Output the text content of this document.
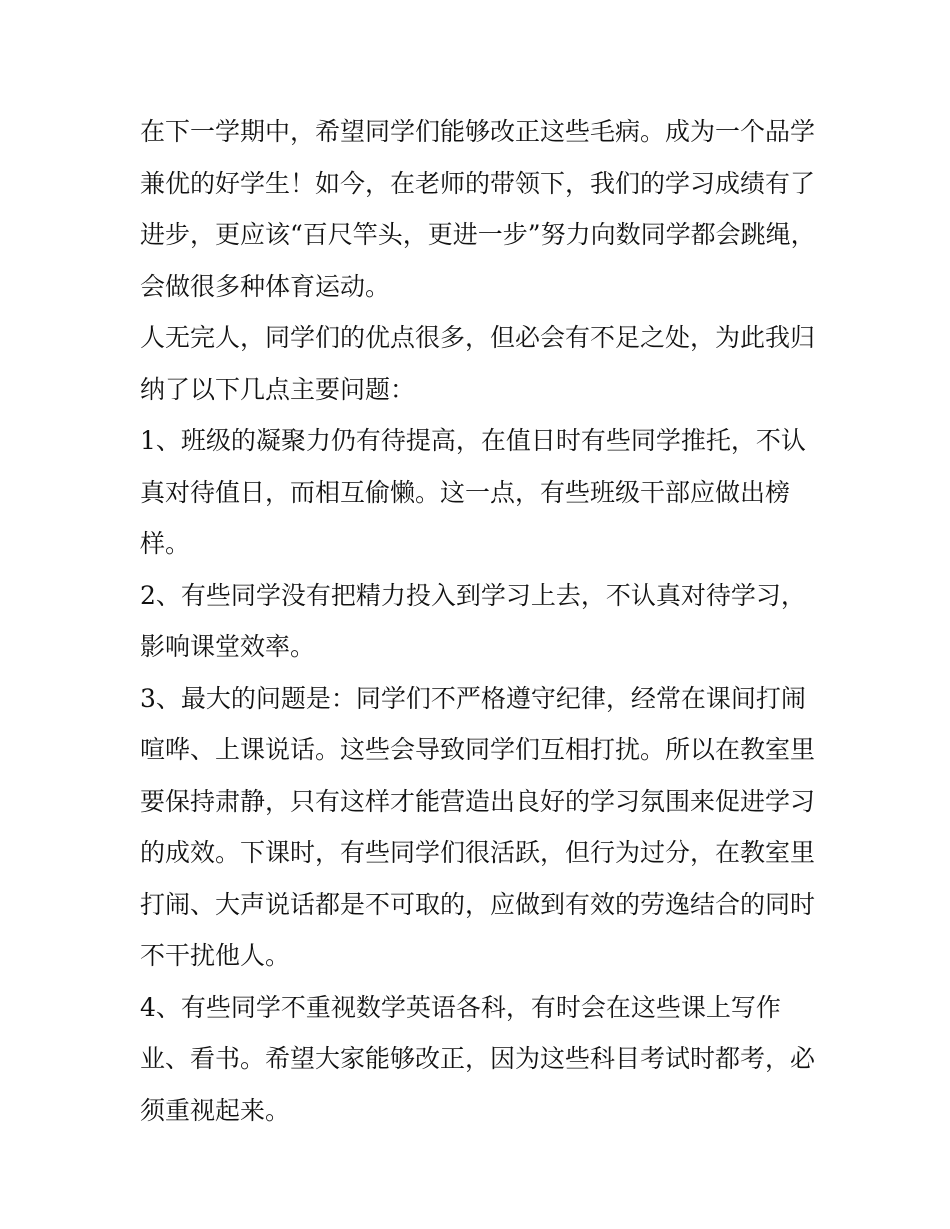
在下一学期中，希望同学们能够改正这些毛病。成为一个品学
兼优的好学生！如今，在老师的带领下，我们的学习成绩有了
进步，更应该“百尺竿头，更进一步”努力向数同学都会跳绳，
会做很多种体育运动。
人无完人，同学们的优点很多，但必会有不足之处，为此我归
纳了以下几点主要问题：
1、班级的凝聚力仍有待提高，在值日时有些同学推托，不认
真对待值日，而相互偷懒。这一点，有些班级干部应做出榜
样。
2、有些同学没有把精力投入到学习上去，不认真对待学习，
影响课堂效率。
3、最大的问题是：同学们不严格遵守纪律，经常在课间打闹
喧哗、上课说话。这些会导致同学们互相打扰。所以在教室里
要保持肃静，只有这样才能营造出良好的学习氛围来促进学习
的成效。下课时，有些同学们很活跃，但行为过分，在教室里
打闹、大声说话都是不可取的，应做到有效的劳逸结合的同时
不干扰他人。
4、有些同学不重视数学英语各科，有时会在这些课上写作
业、看书。希望大家能够改正，因为这些科目考试时都考，必
须重视起来。
